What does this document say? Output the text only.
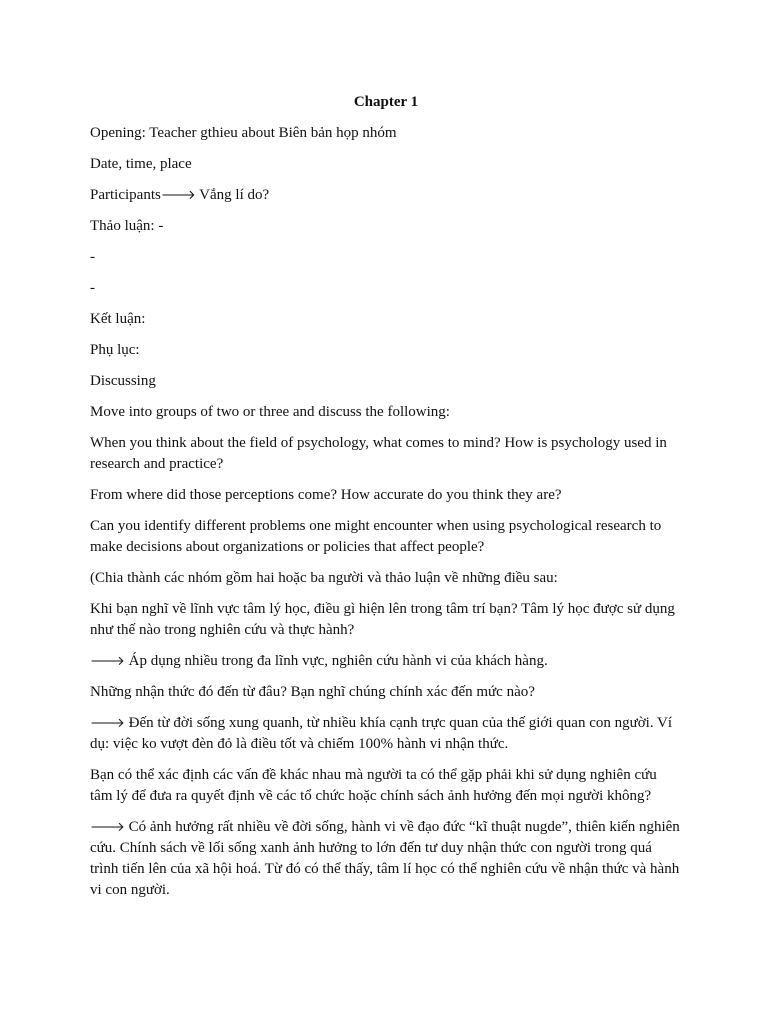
Chapter 1
Opening: Teacher gthieu about Biên bản họp nhóm
Date, time, place
Participants🡒 Vắng lí do?
Thảo luận: -
-
-
Kết luận:
Phụ lục:
Discussing
Move into groups of two or three and discuss the following:
When you think about the field of psychology, what comes to mind? How is psychology used in research and practice?
From where did those perceptions come? How accurate do you think they are?
Can you identify different problems one might encounter when using psychological research to make decisions about organizations or policies that affect people?
(Chia thành các nhóm gồm hai hoặc ba người và thảo luận về những điều sau:
Khi bạn nghĩ về lĩnh vực tâm lý học, điều gì hiện lên trong tâm trí bạn? Tâm lý học được sử dụng như thế nào trong nghiên cứu và thực hành?
🡒 Áp dụng nhiều trong đa lĩnh vực, nghiên cứu hành vi của khách hàng.
Những nhận thức đó đến từ đâu? Bạn nghĩ chúng chính xác đến mức nào?
🡒 Đến từ đời sống xung quanh, từ nhiều khía cạnh trực quan của thế giới quan con người. Ví dụ: việc ko vượt đèn đỏ là điều tốt và chiếm 100% hành vi nhận thức.
Bạn có thể xác định các vấn đề khác nhau mà người ta có thể gặp phải khi sử dụng nghiên cứu tâm lý để đưa ra quyết định về các tổ chức hoặc chính sách ảnh hưởng đến mọi người không?
🡒 Có ảnh hưởng rất nhiều về đời sống, hành vi về đạo đức “kĩ thuật nugde”, thiên kiến nghiên cứu. Chính sách về lối sống xanh ảnh hưởng to lớn đến tư duy nhận thức con người trong quá trình tiến lên của xã hội hoá. Từ đó có thể thấy, tâm lí học có thể nghiên cứu về nhận thức và hành vi con người.
